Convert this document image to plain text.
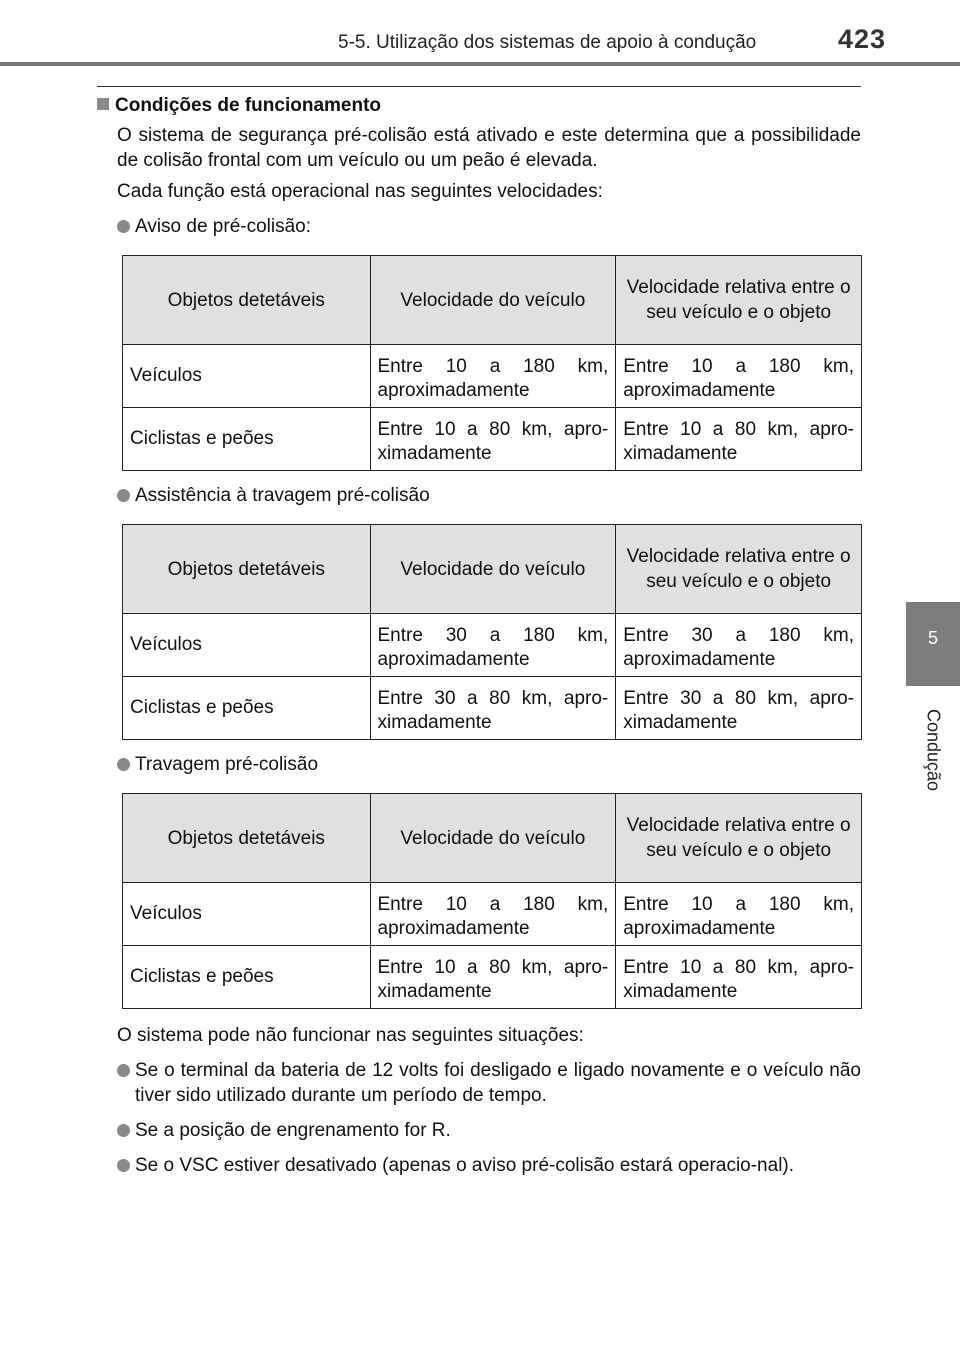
5-5. Utilização dos sistemas de apoio à condução	423
5
Condução
Condições de funcionamento

O sistema de segurança pré-colisão está ativado e este determina que a possibilidade de colisão frontal com um veículo ou um peão é elevada.

Cada função está operacional nas seguintes velocidades:

Aviso de pré-colisão:
Objetos detetáveis	Velocidade do veículo	Velocidade relativa entre o seu veículo e o objeto
Veículos	Entre 10 a 180 km, aproximadamente	Entre 10 a 180 km, aproximadamente
Ciclistas e peões	Entre 10 a 80 km, apro-ximadamente	Entre 10 a 80 km, apro-ximadamente
Assistência à travagem pré-colisão
Objetos detetáveis	Velocidade do veículo	Velocidade relativa entre o seu veículo e o objeto
Veículos	Entre 30 a 180 km, aproximadamente	Entre 30 a 180 km, aproximadamente
Ciclistas e peões	Entre 30 a 80 km, apro-ximadamente	Entre 30 a 80 km, apro-ximadamente
Travagem pré-colisão
Objetos detetáveis	Velocidade do veículo	Velocidade relativa entre o seu veículo e o objeto
Veículos	Entre 10 a 180 km, aproximadamente	Entre 10 a 180 km, aproximadamente
Ciclistas e peões	Entre 10 a 80 km, apro-ximadamente	Entre 10 a 80 km, apro-ximadamente

O sistema pode não funcionar nas seguintes situações:

Se o terminal da bateria de 12 volts foi desligado e ligado novamente e o veículo não tiver sido utilizado durante um período de tempo.
Se a posição de engrenamento for R.
Se o VSC estiver desativado (apenas o aviso pré-colisão estará operacio-nal).
